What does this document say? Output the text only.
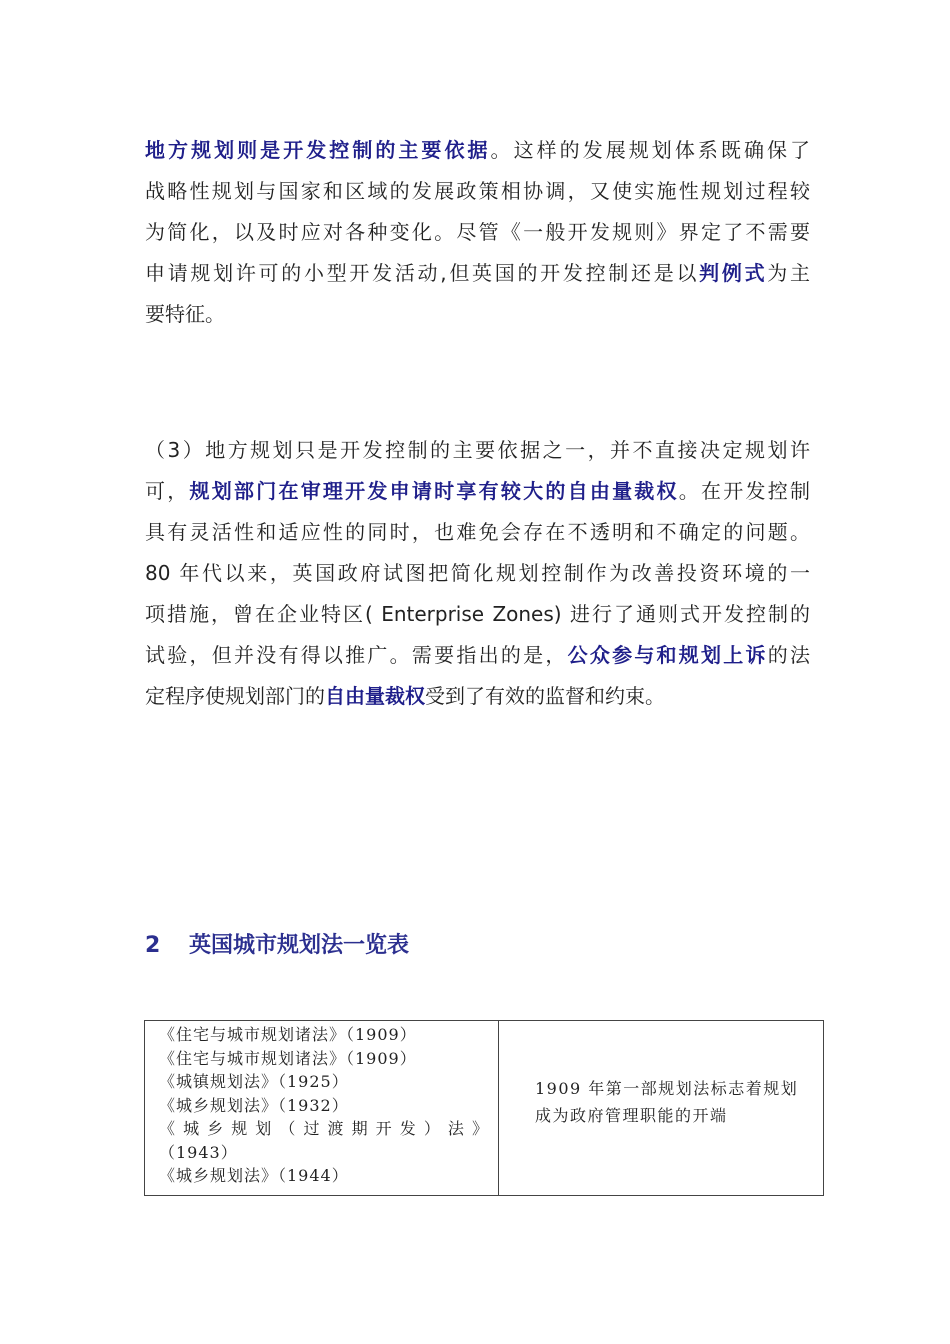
地方规划则是开发控制的主要依据。这样的发展规划体系既确保了
战略性规划与国家和区域的发展政策相协调，又使实施性规划过程较
为简化，以及时应对各种变化。尽管《一般开发规则》界定了不需要
申请规划许可的小型开发活动,但英国的开发控制还是以判例式为主
要特征。
（3）地方规划只是开发控制的主要依据之一，并不直接决定规划许
可，规划部门在审理开发申请时享有较大的自由量裁权。在开发控制
具有灵活性和适应性的同时，也难免会存在不透明和不确定的问题。
80 年代以来，英国政府试图把简化规划控制作为改善投资环境的一
项措施，曾在企业特区( Enterprise Zones) 进行了通则式开发控制的
试验，但并没有得以推广。需要指出的是，公众参与和规划上诉的法
定程序使规划部门的自由量裁权受到了有效的监督和约束。
2 英国城市规划法一览表
《住宅与城市规划诸法》（1909）
《住宅与城市规划诸法》（1909）
《城镇规划法》（1925）
《城乡规划法》（1932）
《城乡规划（过渡期开发）法》
（1943）
《城乡规划法》（1944）
	1909 年第一部规划法标志着规划成为政府管理职能的开端
